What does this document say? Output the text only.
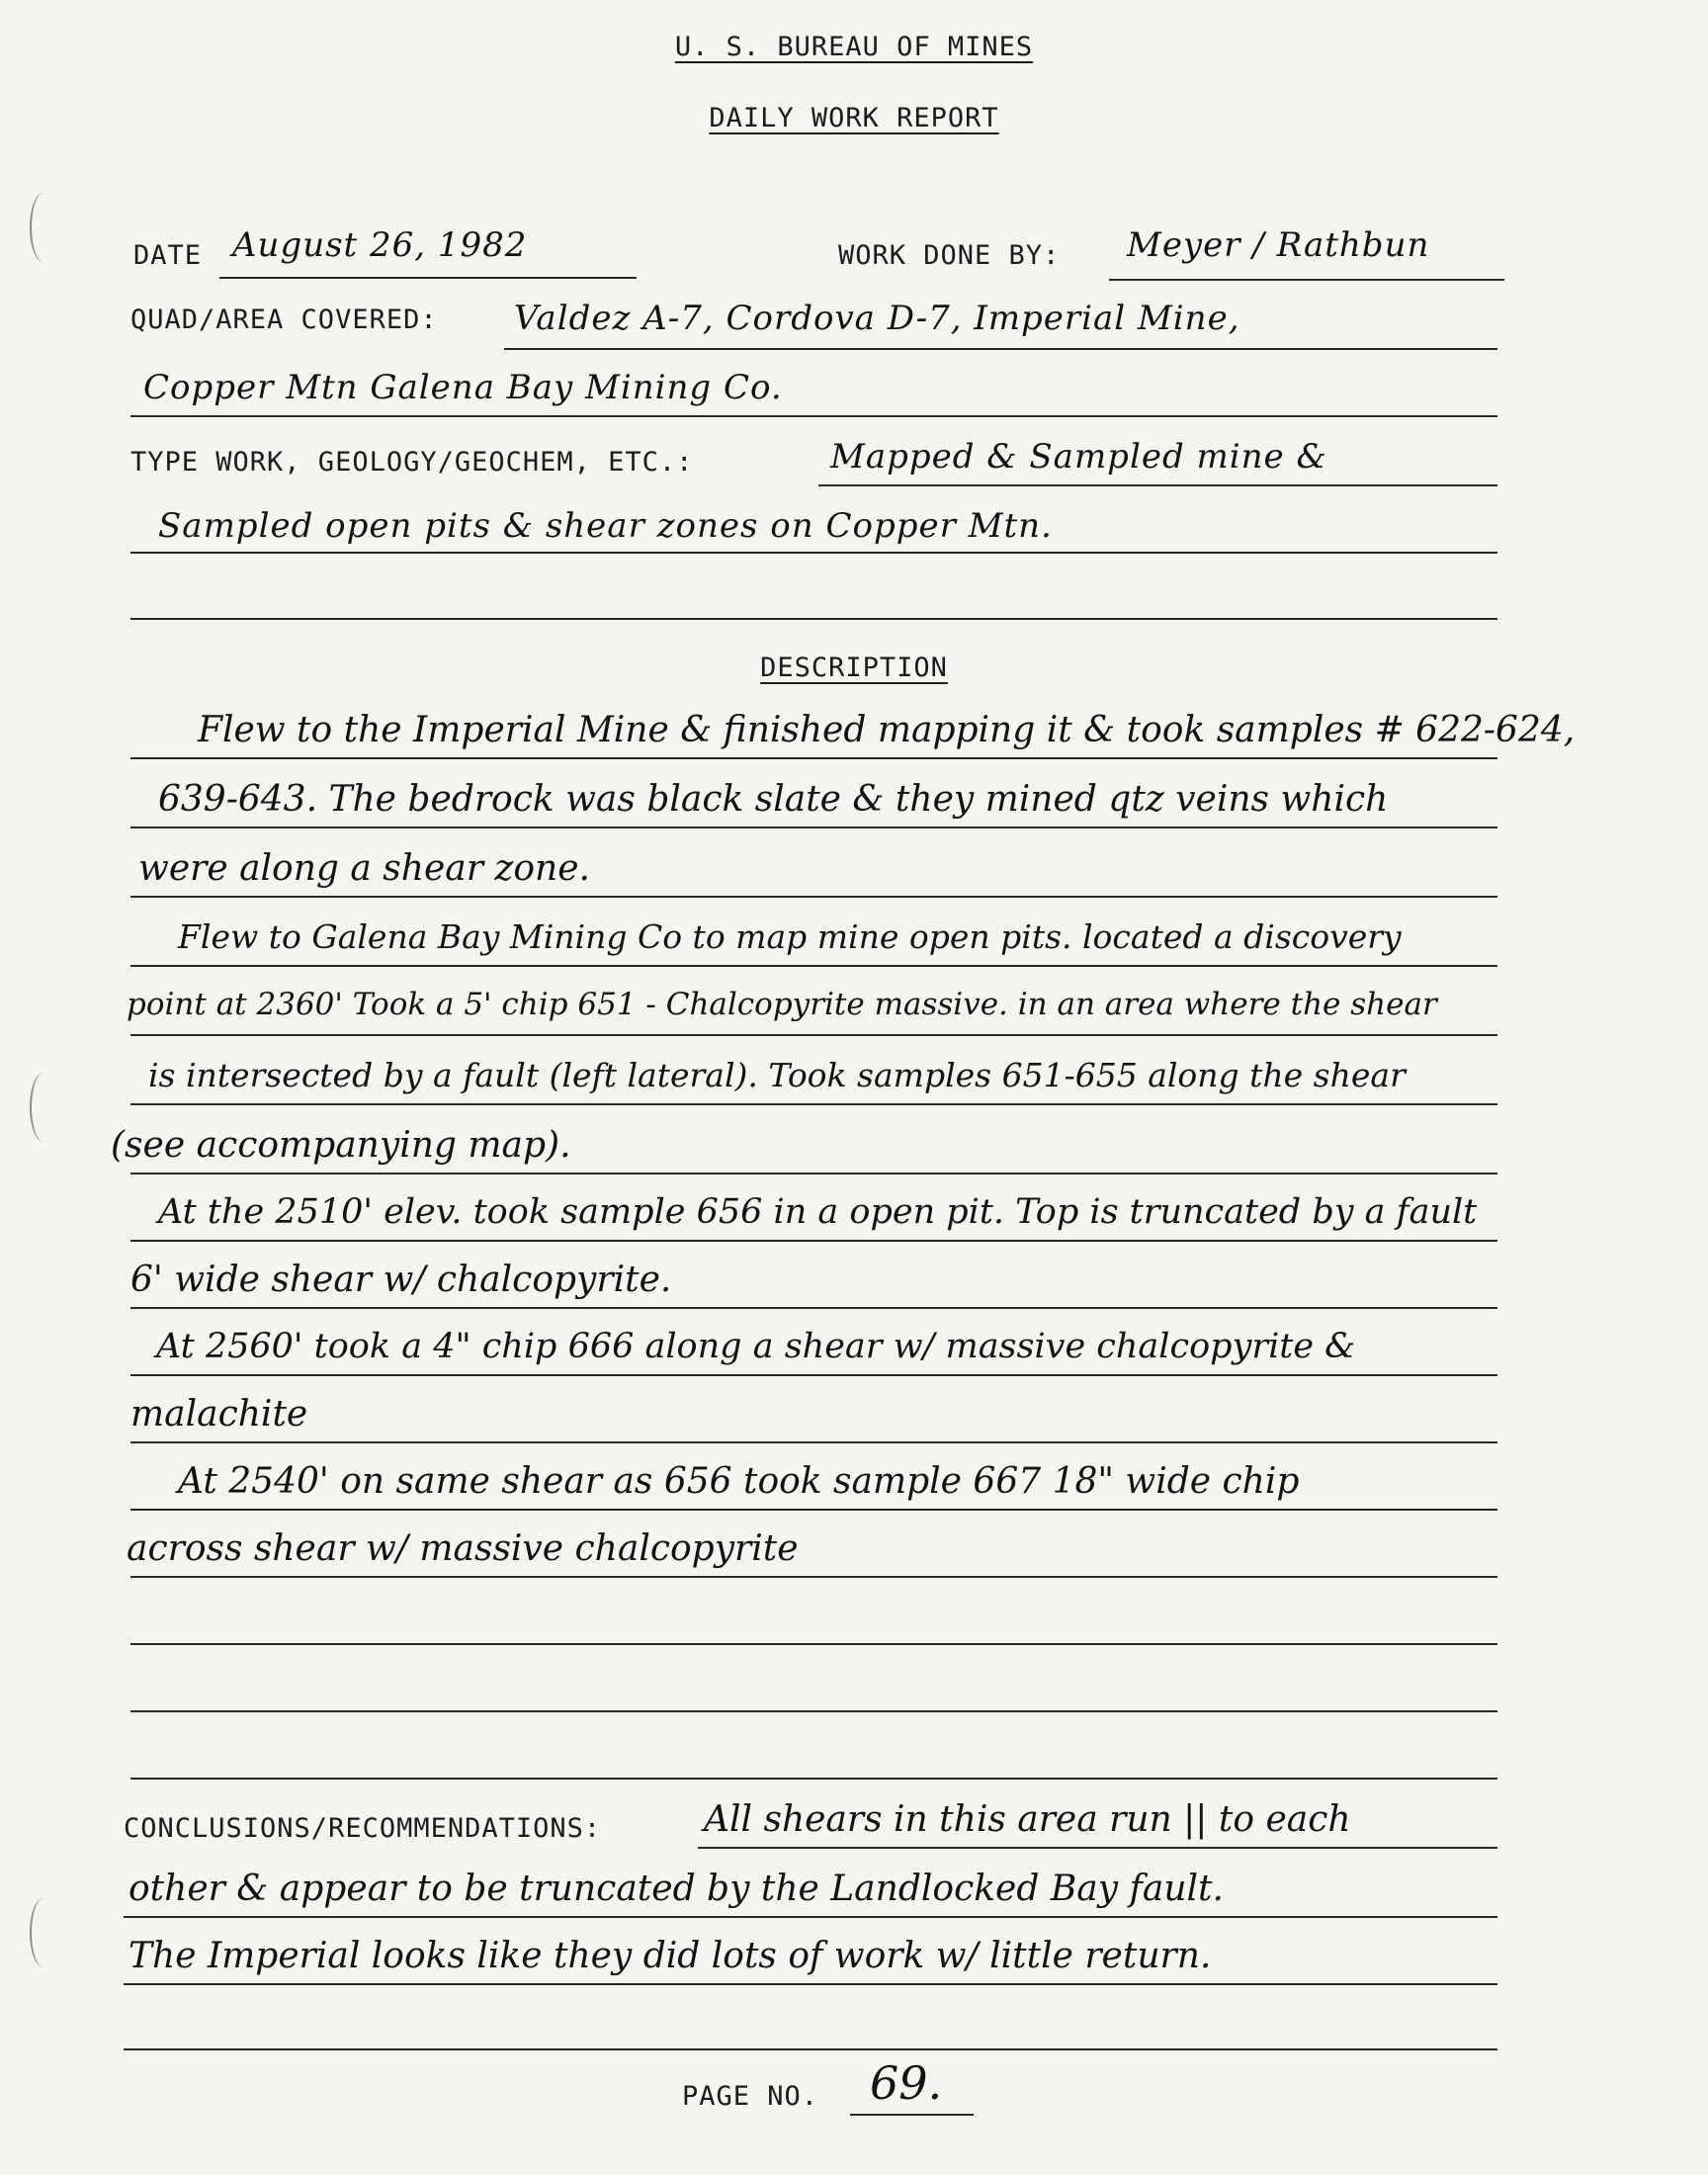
U. S. BUREAU OF MINES
DAILY WORK REPORT
DATE August 26, 1982	WORK DONE BY: Meyer / Rathbun
QUAD/AREA COVERED: Valdez A-7, Cordova D-7, Imperial Mine,
Copper Mtn Galena Bay Mining Co.
TYPE WORK, GEOLOGY/GEOCHEM, ETC.:	Mapped & Sampled mine &
Sampled open pits & shear zones on Copper Mtn.
DESCRIPTION
Flew to the Imperial Mine & finished mapping it & took samples # 622-624,
639-643. The bedrock was black slate & they mined qtz veins which
were along a shear zone.
Flew to Galena Bay Mining Co to map mine open pits. located a discovery
point at 2360' Took a 5' chip 651 - Chalcopyrite massive. in an area where the shear
is intersected by a fault (left lateral). Took samples 651-655 along the shear
(see accompanying map).
At the 2510' elev. took sample 656 in a open pit. Top is truncated by a fault
6' wide shear w/ chalcopyrite.
At 2560' took a 4" chip 666 along a shear w/ massive chalcopyrite &
malachite
At 2540' on same shear as 656 took sample 667 18" wide chip
across shear w/ massive chalcopyrite
CONCLUSIONS/RECOMMENDATIONS:	All shears in this area run || to each
other & appear to be truncated by the Landlocked Bay fault.
The Imperial looks like they did lots of work w/ little return.
PAGE NO. 69.
